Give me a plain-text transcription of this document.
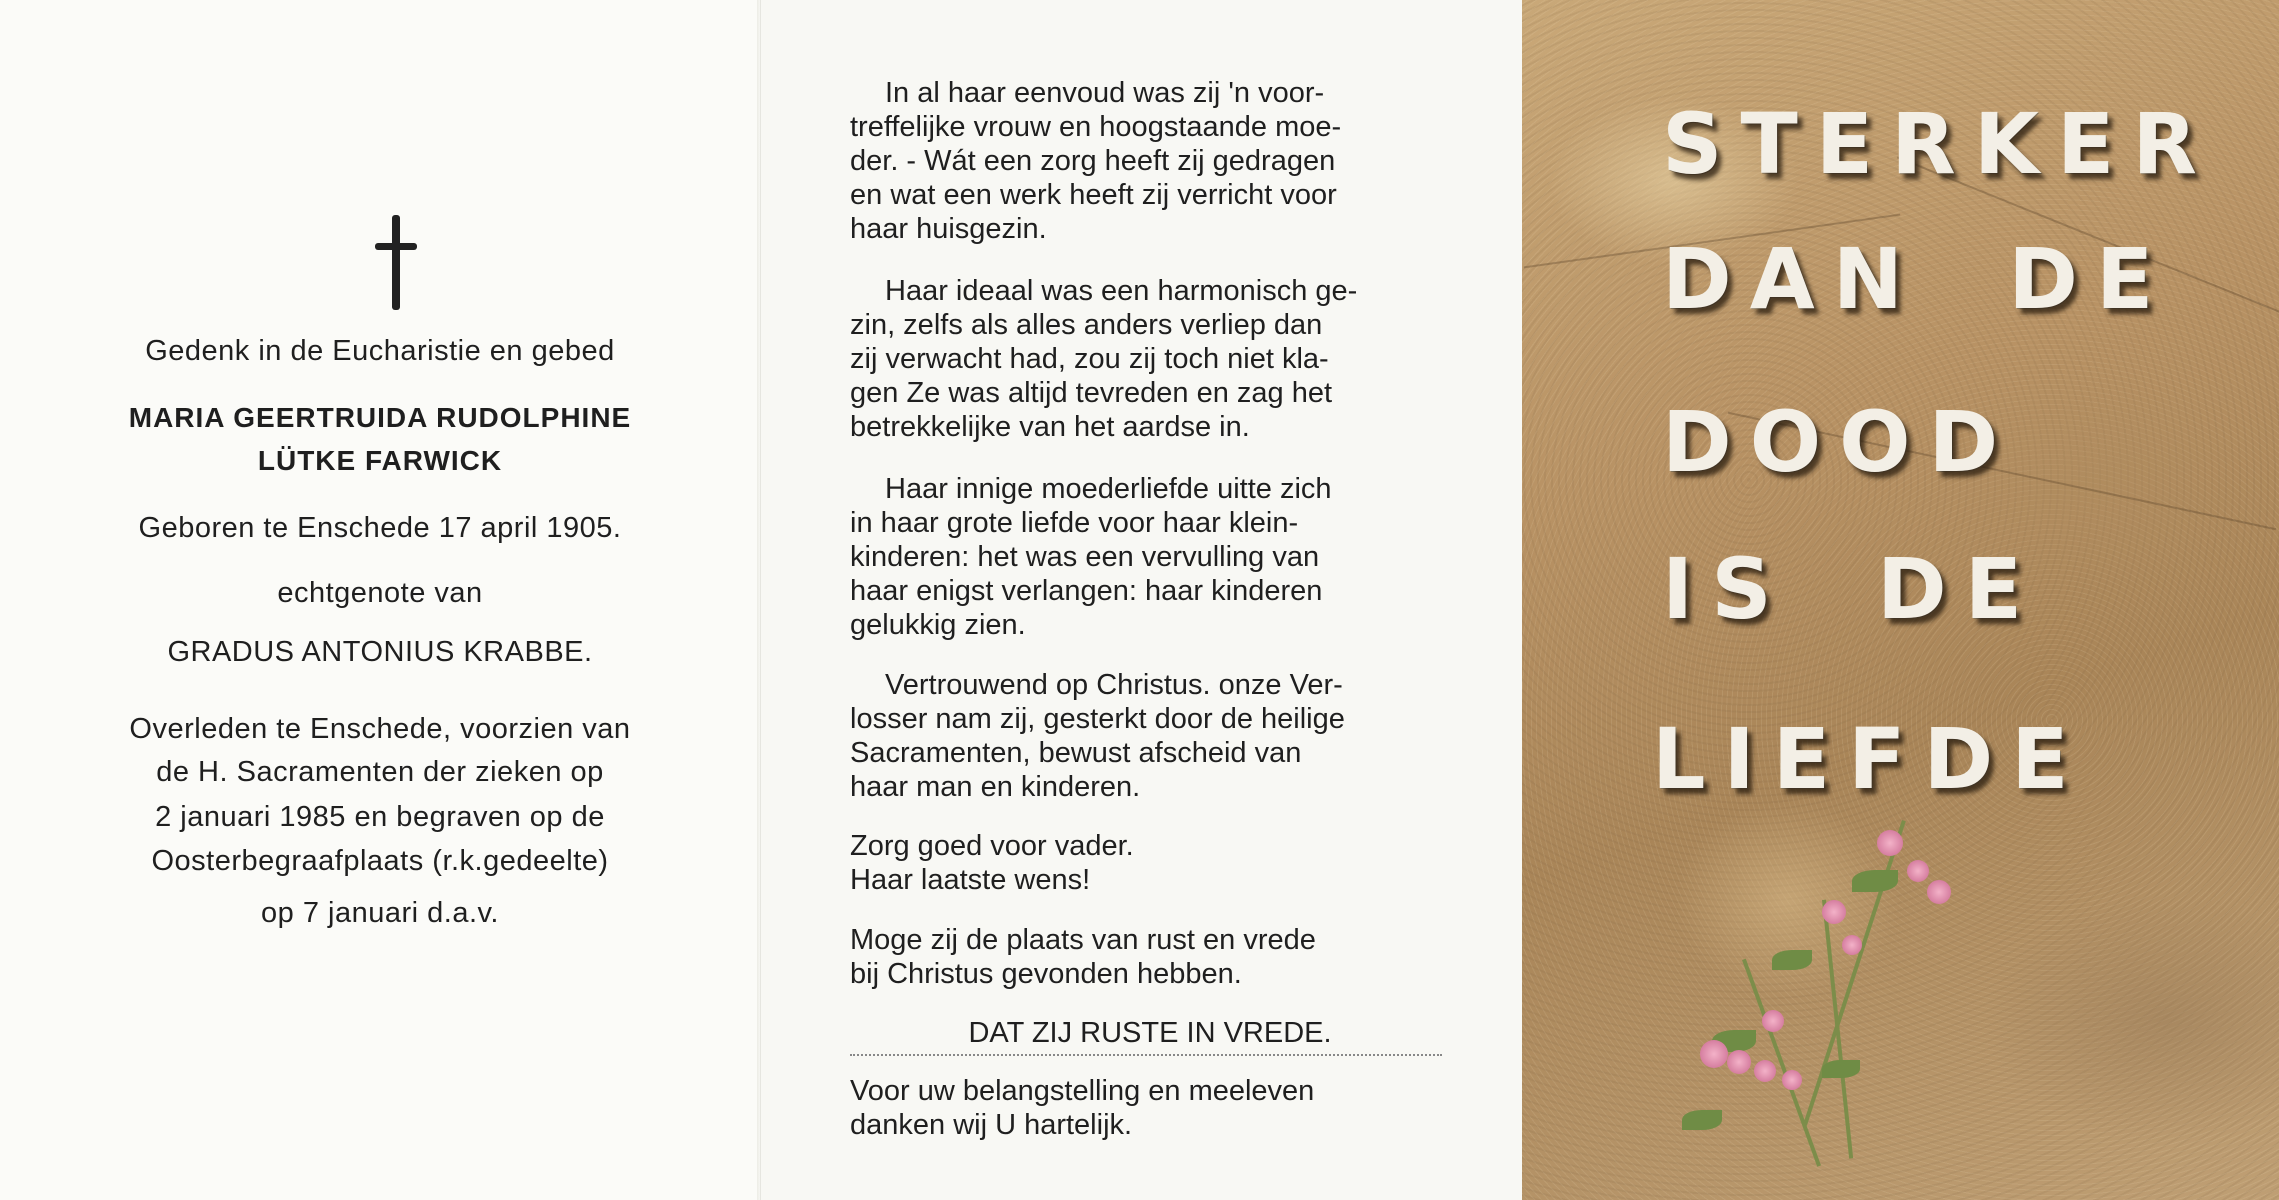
Gedenk in de Eucharistie en gebed
MARIA GEERTRUIDA RUDOLPHINE
LÜTKE FARWICK
Geboren te Enschede 17 april 1905.
echtgenote van
GRADUS ANTONIUS KRABBE.
Overleden te Enschede, voorzien van
de H. Sacramenten der zieken op
2 januari 1985 en begraven op de
Oosterbegraafplaats (r.k.gedeelte)
op 7 januari d.a.v.
In al haar eenvoud was zij 'n voor-
treffelijke vrouw en hoogstaande moe-
der. - Wát een zorg heeft zij gedragen
en wat een werk heeft zij verricht voor
haar huisgezin.
Haar ideaal was een harmonisch ge-
zin, zelfs als alles anders verliep dan
zij verwacht had, zou zij toch niet kla-
gen Ze was altijd tevreden en zag het
betrekkelijke van het aardse in.
Haar innige moederliefde uitte zich
in haar grote liefde voor haar klein-
kinderen: het was een vervulling van
haar enigst verlangen: haar kinderen
gelukkig zien.
Vertrouwend op Christus. onze Ver-
losser nam zij, gesterkt door de heilige
Sacramenten, bewust afscheid van
haar man en kinderen.
Zorg goed voor vader.
Haar laatste wens!
Moge zij de plaats van rust en vrede
bij Christus gevonden hebben.
DAT ZIJ RUSTE IN VREDE.
Voor uw belangstelling en meeleven
danken wij U hartelijk.
STERKER
DAN DE
DOOD
IS DE
LIEFDE
